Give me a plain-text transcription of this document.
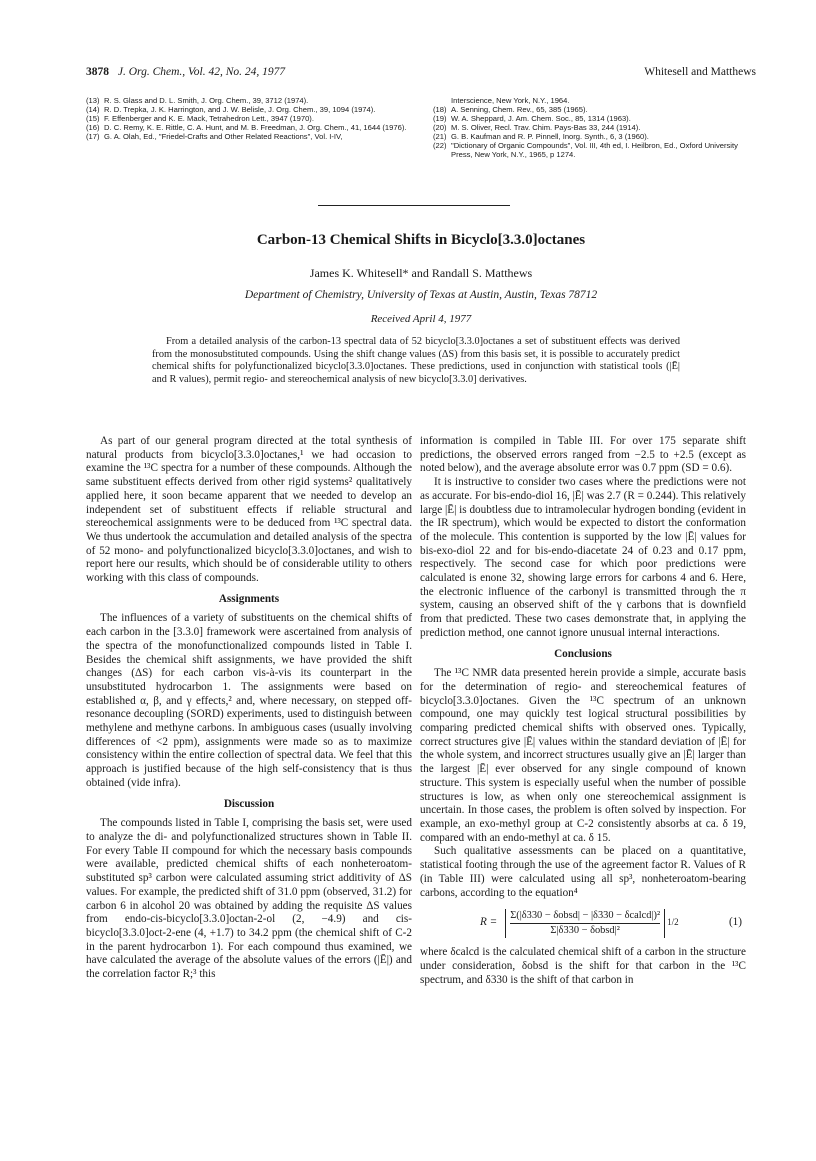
3878 J. Org. Chem., Vol. 42, No. 24, 1977	Whitesell and Matthews
(13) R. S. Glass and D. L. Smith, J. Org. Chem., 39, 3712 (1974).
(14) R. D. Trepka, J. K. Harrington, and J. W. Belisle, J. Org. Chem., 39, 1094 (1974).
(15) F. Effenberger and K. E. Mack, Tetrahedron Lett., 3947 (1970).
(16) D. C. Remy, K. E. Rittle, C. A. Hunt, and M. B. Freedman, J. Org. Chem., 41, 1644 (1976).
(17) G. A. Olah, Ed., "Friedel-Crafts and Other Related Reactions", Vol. I-IV,
Interscience, New York, N.Y., 1964.
(18) A. Senning, Chem. Rev., 65, 385 (1965).
(19) W. A. Sheppard, J. Am. Chem. Soc., 85, 1314 (1963).
(20) M. S. Oliver, Recl. Trav. Chim. Pays-Bas 33, 244 (1914).
(21) G. B. Kaufman and R. P. Pinnell, Inorg. Synth., 6, 3 (1960).
(22) "Dictionary of Organic Compounds", Vol. III, 4th ed, I. Heilbron, Ed., Oxford University Press, New York, N.Y., 1965, p 1274.
Carbon-13 Chemical Shifts in Bicyclo[3.3.0]octanes
James K. Whitesell* and Randall S. Matthews
Department of Chemistry, University of Texas at Austin, Austin, Texas 78712
Received April 4, 1977
From a detailed analysis of the carbon-13 spectral data of 52 bicyclo[3.3.0]octanes a set of substituent effects was derived from the monosubstituted compounds. Using the shift change values (ΔS) from this basis set, it is possible to accurately predict chemical shifts for polyfunctionalized bicyclo[3.3.0]octanes. These predictions, used in conjunction with statistical tools (|Ē| and R values), permit regio- and stereochemical analysis of new bicyclo[3.3.0] derivatives.

As part of our general program directed at the total synthesis of natural products from bicyclo[3.3.0]octanes,¹ we had occasion to examine the ¹³C spectra for a number of these compounds. Although the same substituent effects derived from other rigid systems² qualitatively applied here, it soon became apparent that we needed to develop an independent set of substituent effects if reliable structural and stereochemical assignments were to be deduced from ¹³C spectral data. We thus undertook the accumulation and detailed analysis of the spectra of 52 mono- and polyfunctionalized bicyclo[3.3.0]octanes, and wish to report here our results, which should be of considerable utility to others working with this class of compounds.

Assignments

The influences of a variety of substituents on the chemical shifts of each carbon in the [3.3.0] framework were ascertained from analysis of the spectra of the monofunctionalized compounds listed in Table I. Besides the chemical shift assignments, we have provided the shift changes (ΔS) for each carbon vis-à-vis its counterpart in the unsubstituted hydrocarbon 1. The assignments were based on established α, β, and γ effects,² and, where necessary, on stepped off-resonance decoupling (SORD) experiments, used to distinguish between methylene and methyne carbons. In ambiguous cases (usually involving differences of <2 ppm), assignments were made so as to maximize consistency within the entire collection of spectral data. We feel that this approach is justified because of the high self-consistency that is thus obtained (vide infra).

Discussion

The compounds listed in Table I, comprising the basis set, were used to analyze the di- and polyfunctionalized structures shown in Table II. For every Table II compound for which the necessary basis compounds were available, predicted chemical shifts of each nonheteroatom-substituted sp³ carbon were calculated assuming strict additivity of ΔS values. For example, the predicted shift of 31.0 ppm (observed, 31.2) for carbon 6 in alcohol 20 was obtained by adding the requisite ΔS values from endo-cis-bicyclo[3.3.0]octan-2-ol (2, −4.9) and cis-bicyclo[3.3.0]oct-2-ene (4, +1.7) to 34.2 ppm (the chemical shift of C-2 in the parent hydrocarbon 1). For each compound thus examined, we have calculated the average of the absolute values of the errors (|Ē|) and the correlation factor R;³ this

information is compiled in Table III. For over 175 separate shift predictions, the observed errors ranged from −2.5 to +2.5 (except as noted below), and the average absolute error was 0.7 ppm (SD = 0.6).

It is instructive to consider two cases where the predictions were not as accurate. For bis-endo-diol 16, |Ē| was 2.7 (R = 0.244). This relatively large |Ē| is doubtless due to intramolecular hydrogen bonding (evident in the IR spectrum), which would be expected to distort the conformation of the molecule. This contention is supported by the low |Ē| values for bis-exo-diol 22 and for bis-endo-diacetate 24 of 0.23 and 0.17 ppm, respectively. The second case for which poor predictions were calculated is enone 32, showing large errors for carbons 4 and 6. Here, the electronic influence of the carbonyl is transmitted through the π system, causing an observed shift of the γ carbons that is downfield from that predicted. These two cases demonstrate that, in applying the prediction method, one cannot ignore unusual internal interactions.

Conclusions

The ¹³C NMR data presented herein provide a simple, accurate basis for the determination of regio- and stereochemical features of bicyclo[3.3.0]octanes. Given the ¹³C spectrum of an unknown compound, one may quickly test logical structural possibilities by comparing predicted chemical shifts with observed ones. Typically, correct structures give |Ē| values within the standard deviation of |Ē| for the whole system, and incorrect structures usually give an |Ē| larger than the largest |Ē| ever observed for any single compound of known structure. This system is especially useful when the number of possible structures is low, as when only one stereochemical assignment is uncertain. In those cases, the problem is often solved by inspection. For example, an exo-methyl group at C-2 consistently absorbs at ca. δ 19, compared with an endo-methyl at ca. δ 15.

Such qualitative assessments can be placed on a quantitative, statistical footing through the use of the agreement factor R. Values of R (in Table III) were calculated using all sp³, nonheteroatom-bearing carbons, according to the equation⁴

$R = \frac{\text{Σ(|δ330 − δobsd| − |δ330 − δcalcd|)²}}{\text{Σ|δ330 − δobsd|²}} 1/2$	(1)

where δcalcd is the calculated chemical shift of a carbon in the structure under consideration, δobsd is the shift for that carbon in the ¹³C spectrum, and δ330 is the shift of that carbon in
